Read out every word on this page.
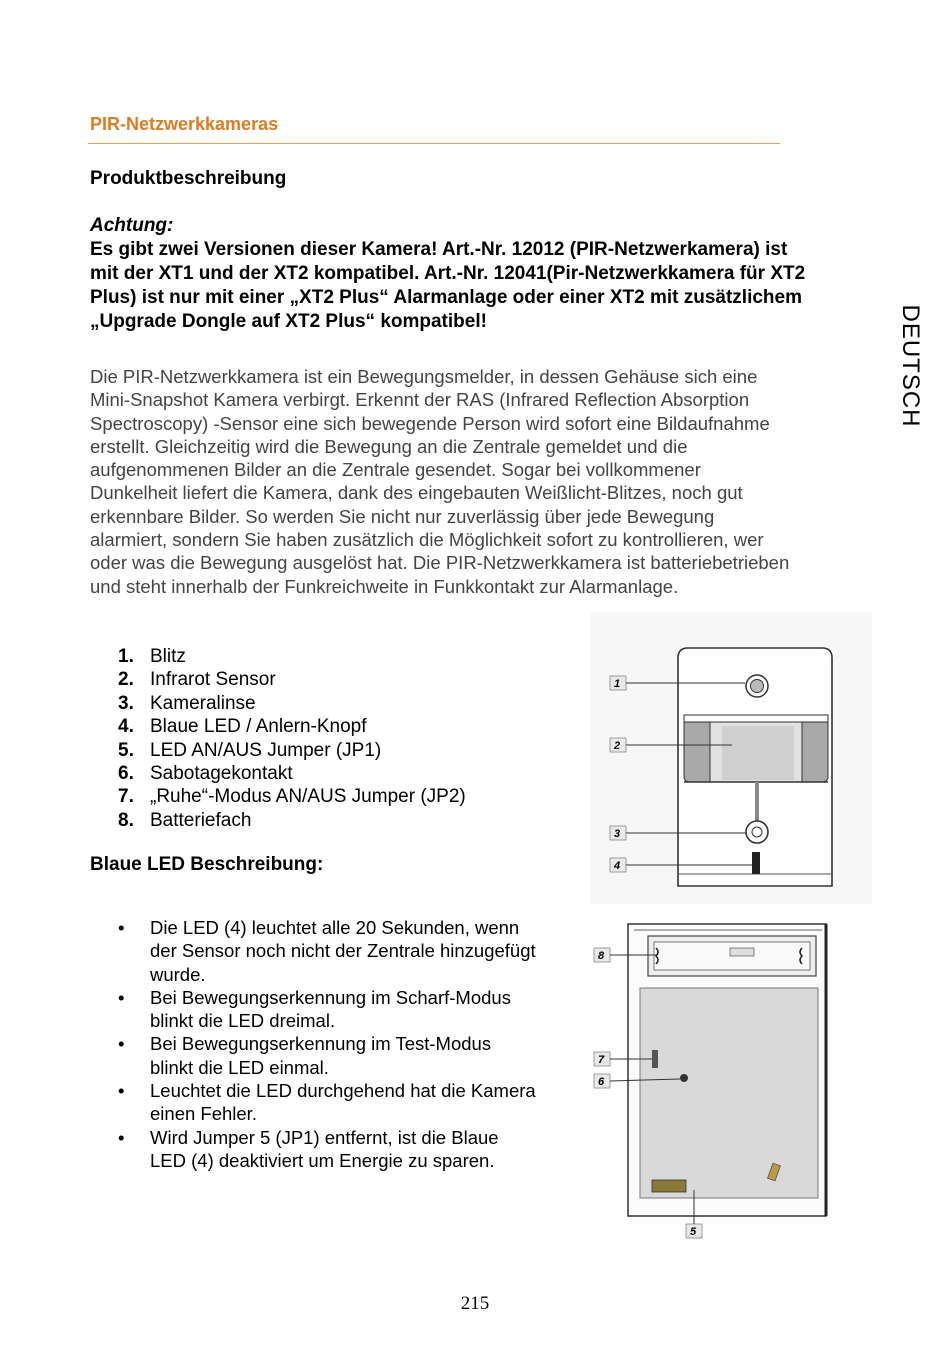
PIR-Netzwerkkameras
Produktbeschreibung
Achtung:
Es gibt zwei Versionen dieser Kamera! Art.-Nr. 12012 (PIR-Netzwerkamera) ist
mit der XT1 und der XT2 kompatibel. Art.-Nr. 12041(Pir-Netzwerkkamera für XT2
Plus) ist nur mit einer „XT2 Plus“ Alarmanlage oder einer XT2 mit zusätzlichem
„Upgrade Dongle auf XT2 Plus“ kompatibel!
Die PIR-Netzwerkkamera ist ein Bewegungsmelder, in dessen Gehäuse sich eine
Mini-Snapshot Kamera verbirgt. Erkennt der RAS (Infrared Reflection Absorption
Spectroscopy) -Sensor eine sich bewegende Person wird sofort eine Bildaufnahme
erstellt. Gleichzeitig wird die Bewegung an die Zentrale gemeldet und die
aufgenommenen Bilder an die Zentrale gesendet. Sogar bei vollkommener
Dunkelheit liefert die Kamera, dank des eingebauten Weißlicht-Blitzes, noch gut
erkennbare Bilder. So werden Sie nicht nur zuverlässig über jede Bewegung
alarmiert, sondern Sie haben zusätzlich die Möglichkeit sofort zu kontrollieren, wer
oder was die Bewegung ausgelöst hat. Die PIR-Netzwerkkamera ist batteriebetrieben
und steht innerhalb der Funkreichweite in Funkkontakt zur Alarmanlage.
DEUTSCH
1. Blitz
2. Infrarot Sensor
3. Kameralinse
4. Blaue LED / Anlern-Knopf
5. LED AN/AUS Jumper (JP1)
6. Sabotagekontakt
7. „Ruhe“-Modus AN/AUS Jumper (JP2)
8. Batteriefach
Blaue LED Beschreibung:
• Die LED (4) leuchtet alle 20 Sekunden, wenn
der Sensor noch nicht der Zentrale hinzugefügt
wurde.
• Bei Bewegungserkennung im Scharf-Modus
blinkt die LED dreimal.
• Bei Bewegungserkennung im Test-Modus
blinkt die LED einmal.
• Leuchtet die LED durchgehend hat die Kamera
einen Fehler.
• Wird Jumper 5 (JP1) entfernt, ist die Blaue
LED (4) deaktiviert um Energie zu sparen.
1
2
3
4
8
7
6
5
215
